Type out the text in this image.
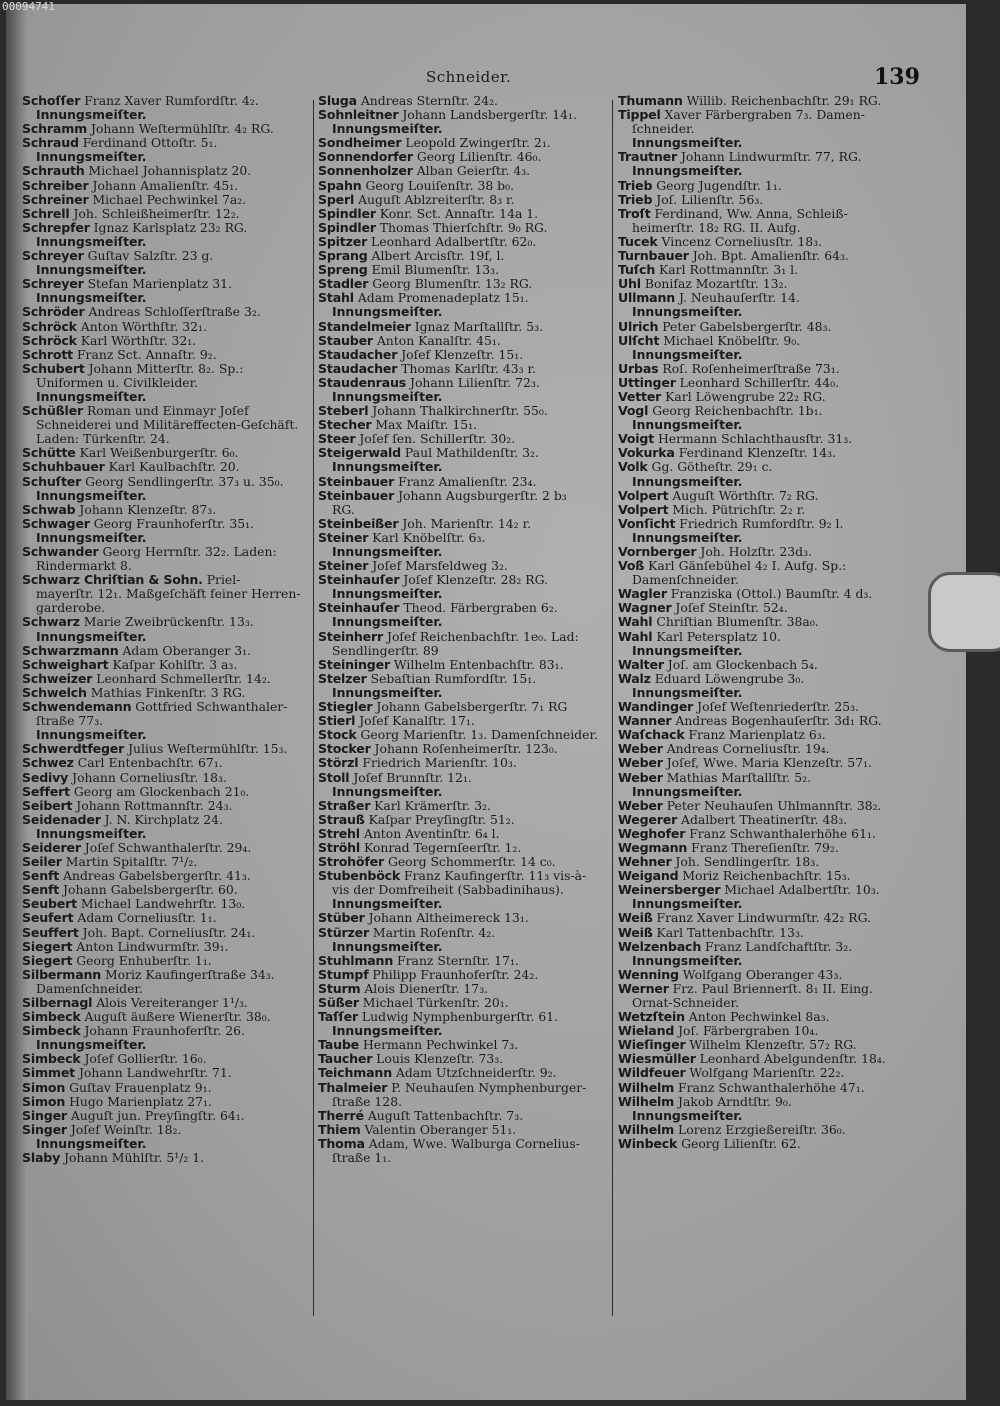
Schneider.	139
Schoſſer Franz Xaver Rumfordſtr. 4₂.
Innungsmeiſter.
Schramm Johann Weſtermühlſtr. 4₂ RG.
Schraud Ferdinand Ottoſtr. 5₁.
Innungsmeiſter.
Schrauth Michael Johannisplatz 20.
Schreiber Johann Amalienſtr. 45₁.
Schreiner Michael Pechwinkel 7a₂.
Schrell Joh. Schleißheimerſtr. 12₂.
Schrepfer Ignaz Karlsplatz 23₂ RG.
Innungsmeiſter.
Schreyer Guſtav Salzſtr. 23 g.
Innungsmeiſter.
Schreyer Stefan Marienplatz 31.
Innungsmeiſter.
Schröder Andreas Schloſſerſtraße 3₂.
Schröck Anton Wörthſtr. 32₁.
Schröck Karl Wörthſtr. 32₁.
Schrott Franz Sct. Annaſtr. 9₂.
Schubert Johann Mitterſtr. 8₂. Sp.:
Uniformen u. Civilkleider.
Innungsmeiſter.
Schüßler Roman und Einmayr Joſef
Schneiderei und Militäreffecten-Geſchäft.
Laden: Türkenſtr. 24.
Schütte Karl Weißenburgerſtr. 6₀.
Schuhbauer Karl Kaulbachſtr. 20.
Schuſter Georg Sendlingerſtr. 37₃ u. 35₀.
Innungsmeiſter.
Schwab Johann Klenzeſtr. 87₃.
Schwager Georg Fraunhoferſtr. 35₁.
Innungsmeiſter.
Schwander Georg Herrnſtr. 32₂. Laden:
Rindermarkt 8.
Schwarz Chriſtian & Sohn. Priel-
mayerſtr. 12₁. Maßgeſchäft feiner Herren-
garderobe.
Schwarz Marie Zweibrückenſtr. 13₃.
Innungsmeiſter.
Schwarzmann Adam Oberanger 3₁.
Schweighart Kaſpar Kohlſtr. 3 a₃.
Schweizer Leonhard Schmellerſtr. 14₂.
Schwelch Mathias Finkenſtr. 3 RG.
Schwendemann Gottfried Schwanthaler-
ſtraße 77₃.
Innungsmeiſter.
Schwerdtfeger Julius Weſtermühlſtr. 15₃.
Schwez Carl Entenbachſtr. 67₁.
Sedivy Johann Corneliusſtr. 18₃.
Seffert Georg am Glockenbach 21₀.
Seibert Johann Rottmannſtr. 24₃.
Seidenader J. N. Kirchplatz 24.
Innungsmeiſter.
Seiderer Joſef Schwanthalerſtr. 29₄.
Seiler Martin Spitalſtr. 7¹/₂.
Senft Andreas Gabelsbergerſtr. 41₃.
Senft Johann Gabelsbergerſtr. 60.
Seubert Michael Landwehrſtr. 13₀.
Seufert Adam Corneliusſtr. 1₁.
Seuffert Joh. Bapt. Corneliusſtr. 24₁.
Siegert Anton Lindwurmſtr. 39₁.
Siegert Georg Enhuberſtr. 1₁.
Silbermann Moriz Kaufingerſtraße 34₃.
Damenſchneider.
Silbernagl Alois Vereiteranger 1¹/₃.
Simbeck Auguſt äußere Wienerſtr. 38₀.
Simbeck Johann Fraunhoferſtr. 26.
Innungsmeiſter.
Simbeck Joſef Gollierſtr. 16₀.
Simmet Johann Landwehrſtr. 71.
Simon Guſtav Frauenplatz 9₁.
Simon Hugo Marienplatz 27₁.
Singer Auguſt jun. Preyſingſtr. 64₁.
Singer Joſef Weinſtr. 18₂.
Innungsmeiſter.
Slaby Johann Mühlſtr. 5¹/₂ 1.
Sluga Andreas Sternſtr. 24₂.
Sohnleitner Johann Landsbergerſtr. 14₁.
Innungsmeiſter.
Sondheimer Leopold Zwingerſtr. 2₁.
Sonnendorfer Georg Lilienſtr. 46₀.
Sonnenholzer Alban Geierſtr. 4₃.
Spahn Georg Louiſenſtr. 38 b₀.
Sperl Auguſt Ablzreiterſtr. 8₃ r.
Spindler Konr. Sct. Annaſtr. 14a 1.
Spindler Thomas Thierſchſtr. 9₀ RG.
Spitzer Leonhard Adalbertſtr. 62₀.
Sprang Albert Arcisſtr. 19f, l.
Spreng Emil Blumenſtr. 13₃.
Stadler Georg Blumenſtr. 13₂ RG.
Stahl Adam Promenadeplatz 15₁.
Innungsmeiſter.
Standelmeier Ignaz Marſtallſtr. 5₃.
Stauber Anton Kanalſtr. 45₁.
Staudacher Joſef Klenzeſtr. 15₁.
Staudacher Thomas Karlſtr. 43₃ r.
Staudenraus Johann Lilienſtr. 72₃.
Innungsmeiſter.
Steberl Johann Thalkirchnerſtr. 55₀.
Stecher Max Maiſtr. 15₁.
Steer Joſef ſen. Schillerſtr. 30₂.
Steigerwald Paul Mathildenſtr. 3₂.
Innungsmeiſter.
Steinbauer Franz Amalienſtr. 23₄.
Steinbauer Johann Augsburgerſtr. 2 b₃
RG.
Steinbeißer Joh. Marienſtr. 14₂ r.
Steiner Karl Knöbelſtr. 6₃.
Innungsmeiſter.
Steiner Joſef Marsfeldweg 3₂.
Steinhauſer Joſef Klenzeſtr. 28₂ RG.
Innungsmeiſter.
Steinhauſer Theod. Färbergraben 6₂.
Innungsmeiſter.
Steinherr Joſef Reichenbachſtr. 1e₀. Lad:
Sendlingerſtr. 89
Steininger Wilhelm Entenbachſtr. 83₁.
Stelzer Sebaſtian Rumfordſtr. 15₁.
Innungsmeiſter.
Stiegler Johann Gabelsbergerſtr. 7₁ RG
Stierl Joſef Kanalſtr. 17₁.
Stock Georg Marienſtr. 1₃. Damenſchneider.
Stocker Johann Roſenheimerſtr. 123₀.
Störzl Friedrich Marienſtr. 10₃.
Stoll Joſef Brunnſtr. 12₁.
Innungsmeiſter.
Straßer Karl Krämerſtr. 3₂.
Strauß Kaſpar Preyſingſtr. 51₂.
Strehl Anton Aventinſtr. 6₄ l.
Ströhl Konrad Tegernſeerſtr. 1₂.
Strohöfer Georg Schommerſtr. 14 c₀.
Stubenböck Franz Kaufingerſtr. 11₃ vis-à-
vis der Domfreiheit (Sabbadinihaus).
Innungsmeiſter.
Stüber Johann Altheimereck 13₁.
Stürzer Martin Roſenſtr. 4₂.
Innungsmeiſter.
Stuhlmann Franz Sternſtr. 17₁.
Stumpf Philipp Fraunhoferſtr. 24₂.
Sturm Alois Dienerſtr. 17₃.
Süßer Michael Türkenſtr. 20₁.
Taſſer Ludwig Nymphenburgerſtr. 61.
Innungsmeiſter.
Taube Hermann Pechwinkel 7₃.
Taucher Louis Klenzeſtr. 73₃.
Teichmann Adam Utzſchneiderſtr. 9₂.
Thalmeier P. Neuhauſen Nymphenburger-
ſtraße 128.
Therré Auguſt Tattenbachſtr. 7₃.
Thiem Valentin Oberanger 51₁.
Thoma Adam, Wwe. Walburga Cornelius-
ſtraße 1₁.
Thumann Willib. Reichenbachſtr. 29₁ RG.
Tippel Xaver Färbergraben 7₃. Damen-
ſchneider.
Innungsmeiſter.
Trautner Johann Lindwurmſtr. 77, RG.
Innungsmeiſter.
Trieb Georg Jugendſtr. 1₁.
Trieb Joſ. Lilienſtr. 56₃.
Troſt Ferdinand, Ww. Anna, Schleiß-
heimerſtr. 18₂ RG. II. Aufg.
Tucek Vincenz Corneliusſtr. 18₃.
Turnbauer Joh. Bpt. Amalienſtr. 64₃.
Tuſch Karl Rottmannſtr. 3₁ l.
Uhl Bonifaz Mozartſtr. 13₂.
Ullmann J. Neuhauſerſtr. 14.
Innungsmeiſter.
Ulrich Peter Gabelsbergerſtr. 48₃.
Ulſcht Michael Knöbelſtr. 9₀.
Innungsmeiſter.
Urbas Roſ. Roſenheimerſtraße 73₁.
Uttinger Leonhard Schillerſtr. 44₀.
Vetter Karl Löwengrube 22₂ RG.
Vogl Georg Reichenbachſtr. 1b₁.
Innungsmeiſter.
Voigt Hermann Schlachthausſtr. 31₃.
Vokurka Ferdinand Klenzeſtr. 14₃.
Volk Gg. Götheſtr. 29₁ c.
Innungsmeiſter.
Volpert Auguſt Wörthſtr. 7₂ RG.
Volpert Mich. Pütrichſtr. 2₂ r.
Vonſicht Friedrich Rumfordſtr. 9₂ l.
Innungsmeiſter.
Vornberger Joh. Holzſtr. 23d₃.
Voß Karl Gänſebühel 4₂ I. Aufg. Sp.:
Damenſchneider.
Wagler Franziska (Ottol.) Baumſtr. 4 d₃.
Wagner Joſef Steinſtr. 52₄.
Wahl Chriſtian Blumenſtr. 38a₀.
Wahl Karl Petersplatz 10.
Innungsmeiſter.
Walter Joſ. am Glockenbach 5₄.
Walz Eduard Löwengrube 3₀.
Innungsmeiſter.
Wandinger Joſef Weſtenriederſtr. 25₃.
Wanner Andreas Bogenhauſerſtr. 3d₁ RG.
Waſchack Franz Marienplatz 6₃.
Weber Andreas Corneliusſtr. 19₄.
Weber Joſef, Wwe. Maria Klenzeſtr. 57₁.
Weber Mathias Marſtallſtr. 5₂.
Innungsmeiſter.
Weber Peter Neuhauſen Uhlmannſtr. 38₂.
Wegerer Adalbert Theatinerſtr. 48₃.
Weghofer Franz Schwanthalerhöhe 61₁.
Wegmann Franz Thereſienſtr. 79₂.
Wehner Joh. Sendlingerſtr. 18₃.
Weigand Moriz Reichenbachſtr. 15₃.
Weinersberger Michael Adalbertſtr. 10₃.
Innungsmeiſter.
Weiß Franz Xaver Lindwurmſtr. 42₂ RG.
Weiß Karl Tattenbachſtr. 13₃.
Welzenbach Franz Landſchaftſtr. 3₂.
Innungsmeiſter.
Wenning Wolfgang Oberanger 43₃.
Werner Frz. Paul Briennerſt. 8₁ II. Eing.
Ornat-Schneider.
Wetzſtein Anton Pechwinkel 8a₃.
Wieland Joſ. Färbergraben 10₄.
Wieſinger Wilhelm Klenzeſtr. 57₂ RG.
Wiesmüller Leonhard Abelgundenſtr. 18₄.
Wildfeuer Wolfgang Marienſtr. 22₂.
Wilhelm Franz Schwanthalerhöhe 47₁.
Wilhelm Jakob Arndtſtr. 9₀.
Innungsmeiſter.
Wilhelm Lorenz Erzgießereiſtr. 36₀.
Winbeck Georg Lilienſtr. 62.
00094741
